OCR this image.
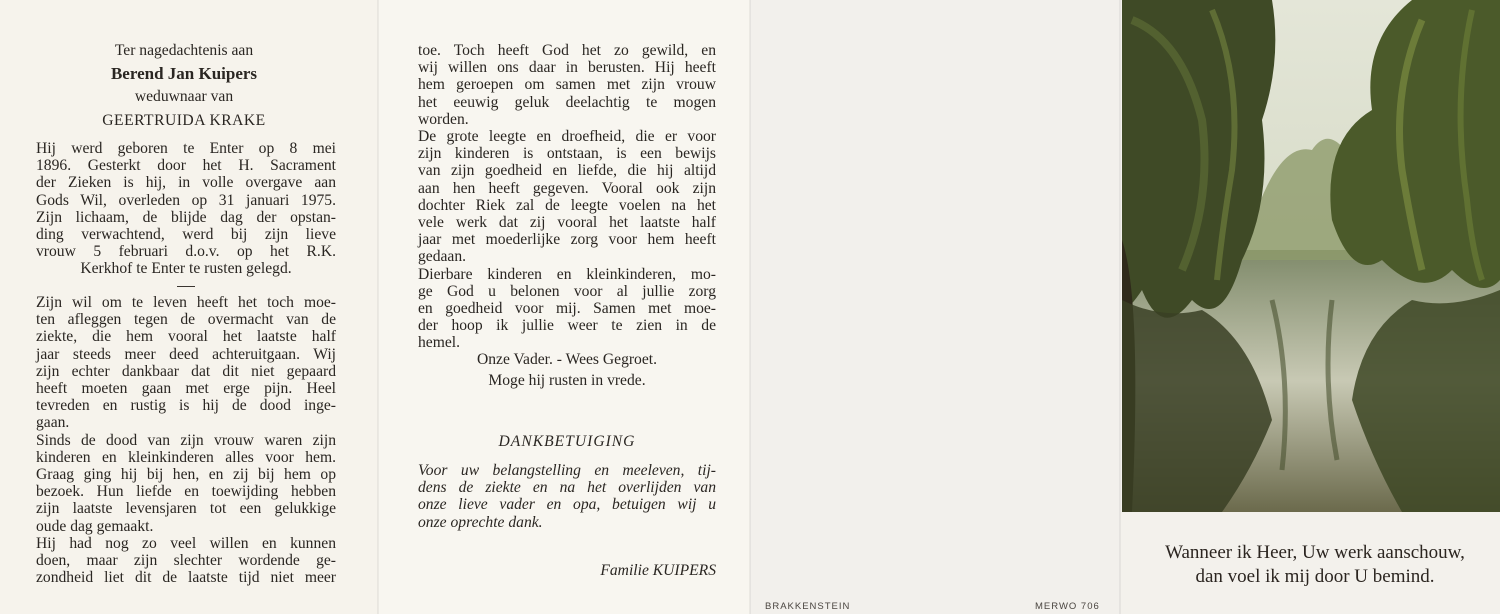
Ter nagedachtenis aan
Berend Jan Kuipers
weduwnaar van
GEERTRUIDA KRAKE
Hij werd geboren te Enter op 8 mei
1896. Gesterkt door het H. Sacrament
der Zieken is hij, in volle overgave aan
Gods Wil, overleden op 31 januari 1975.
Zijn lichaam, de blijde dag der opstan-
ding verwachtend, werd bij zijn lieve
vrouw 5 februari d.o.v. op het R.K.
Kerkhof te Enter te rusten gelegd.
Zijn wil om te leven heeft het toch moe-
ten afleggen tegen de overmacht van de
ziekte, die hem vooral het laatste half
jaar steeds meer deed achteruitgaan. Wij
zijn echter dankbaar dat dit niet gepaard
heeft moeten gaan met erge pijn. Heel
tevreden en rustig is hij de dood inge-
gaan.
Sinds de dood van zijn vrouw waren zijn
kinderen en kleinkinderen alles voor hem.
Graag ging hij bij hen, en zij bij hem op
bezoek. Hun liefde en toewijding hebben
zijn laatste levensjaren tot een gelukkige
oude dag gemaakt.
Hij had nog zo veel willen en kunnen
doen, maar zijn slechter wordende ge-
zondheid liet dit de laatste tijd niet meer
toe. Toch heeft God het zo gewild, en
wij willen ons daar in berusten. Hij heeft
hem geroepen om samen met zijn vrouw
het eeuwig geluk deelachtig te mogen
worden.
De grote leegte en droefheid, die er voor
zijn kinderen is ontstaan, is een bewijs
van zijn goedheid en liefde, die hij altijd
aan hen heeft gegeven. Vooral ook zijn
dochter Riek zal de leegte voelen na het
vele werk dat zij vooral het laatste half
jaar met moederlijke zorg voor hem heeft
gedaan.
Dierbare kinderen en kleinkinderen, mo-
ge God u belonen voor al jullie zorg
en goedheid voor mij. Samen met moe-
der hoop ik jullie weer te zien in de
hemel.
Onze Vader. - Wees Gegroet.
Moge hij rusten in vrede.
DANKBETUIGING
Voor uw belangstelling en meeleven, tij-
dens de ziekte en na het overlijden van
onze lieve vader en opa, betuigen wij u
onze oprechte dank.
Familie KUIPERS
BRAKKENSTEIN	MERWO 706
Wanneer ik Heer, Uw werk aanschouw,
dan voel ik mij door U bemind.
